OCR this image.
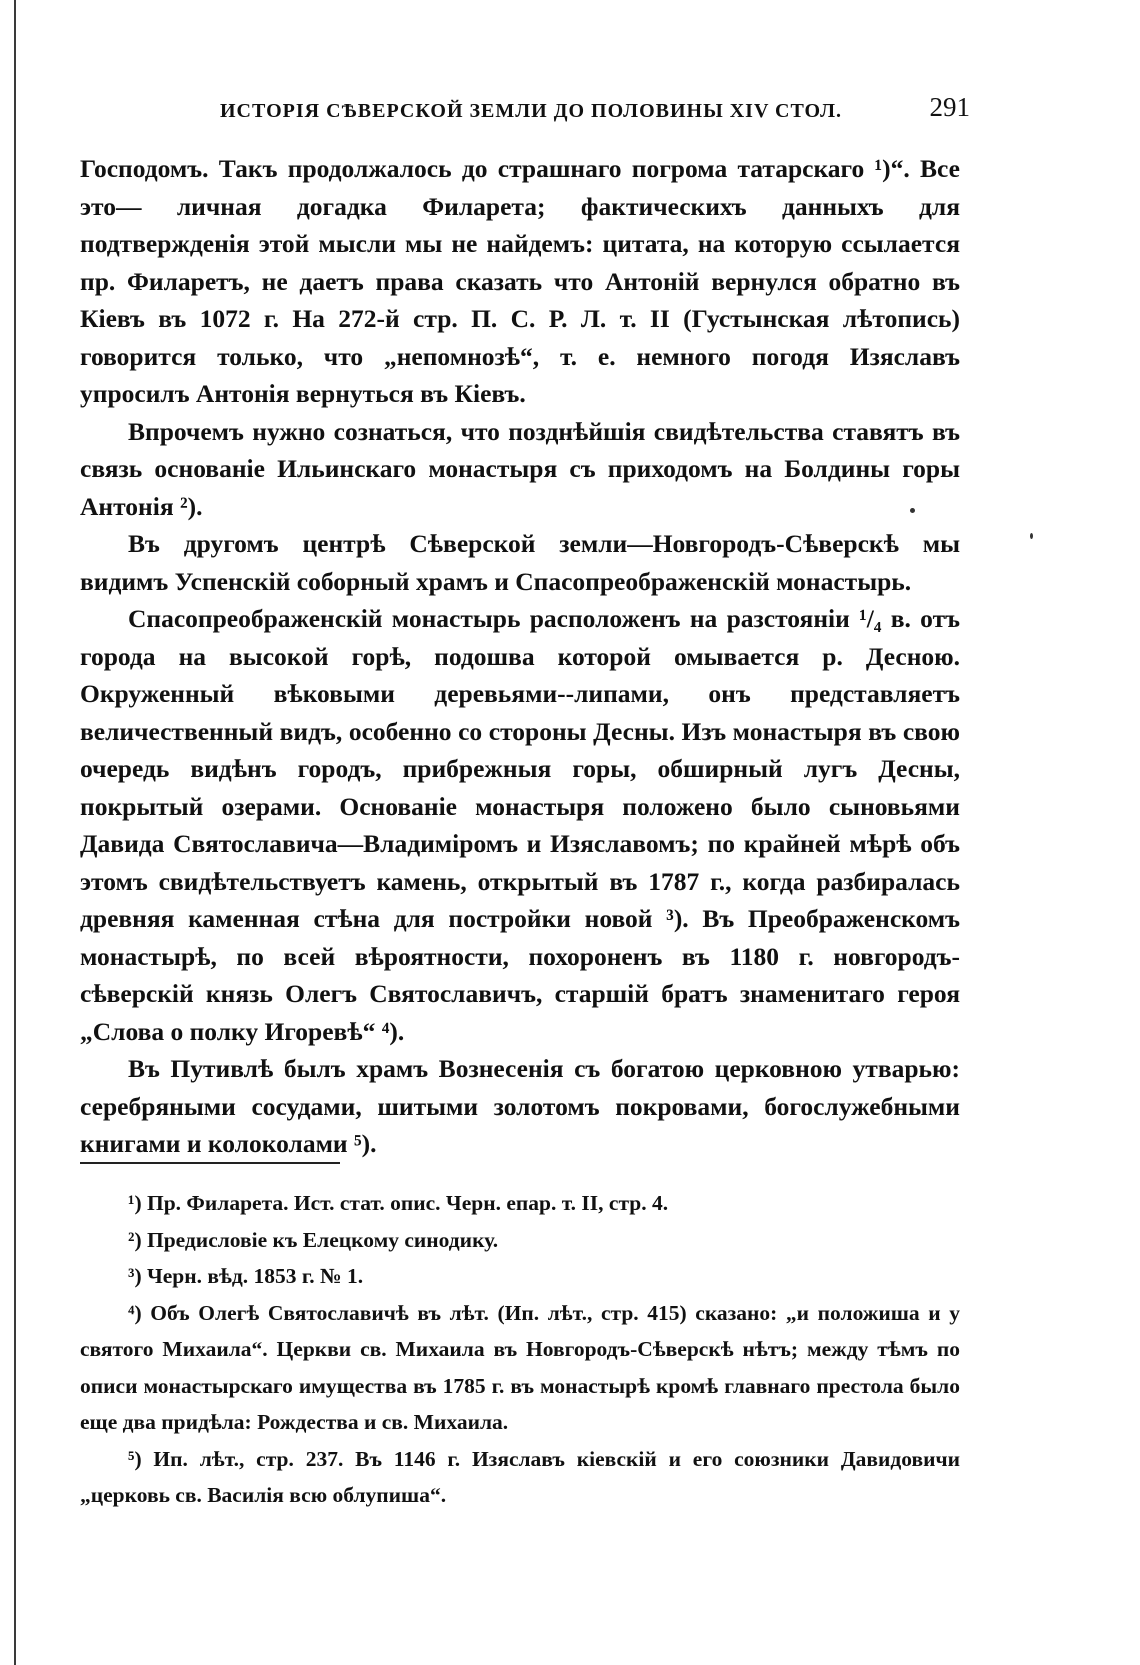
ИСТОРІЯ СѢВЕРСКОЙ ЗЕМЛИ ДО ПОЛОВИНЫ XIV СТОЛ.	291

Господомъ. Такъ продолжалось до страшнаго погрома татарскаго ¹)“. Все это— личная догадка Филарета; фактическихъ данныхъ для подтвержденія этой мысли мы не найдемъ: цитата, на которую ссылается пр. Филаретъ, не даетъ права сказать что Антоній вернулся обратно въ Кіевъ въ 1072 г. На 272-й стр. П. С. Р. Л. т. II (Густынская лѣтопись) говорится только, что „непомнозѣ“, т. е. немного погодя Изяславъ упросилъ Антонія вернуться въ Кіевъ.

Впрочемъ нужно сознаться, что позднѣйшія свидѣтельства ставятъ въ связь основаніе Ильинскаго монастыря съ приходомъ на Болдины горы Антонія ²).

Въ другомъ центрѣ Сѣверской земли—Новгородъ-Сѣверскѣ мы видимъ Успенскій соборный храмъ и Спасопреображенскій монастырь.

Спасопреображенскій монастырь расположенъ на разстояніи ¹/₄ в. отъ города на высокой горѣ, подошва которой омывается р. Десною. Окруженный вѣковыми деревьями--липами, онъ представляетъ величественный видъ, особенно со стороны Десны. Изъ монастыря въ свою очередь видѣнъ городъ, прибрежныя горы, обширный лугъ Десны, покрытый озерами. Основаніе монастыря положено было сыновьями Давида Святославича—Владиміромъ и Изяславомъ; по крайней мѣрѣ объ этомъ свидѣтельствуетъ камень, открытый въ 1787 г., когда разбиралась древняя каменная стѣна для постройки новой ³). Въ Преображенскомъ монастырѣ, по всей вѣроятности, похороненъ въ 1180 г. новгородъ-сѣверскій князь Олегъ Святославичъ, старшій братъ знаменитаго героя „Слова о полку Игоревѣ“ ⁴).

Въ Путивлѣ былъ храмъ Вознесенія съ богатою церковною утварью: серебряными сосудами, шитыми золотомъ покровами, богослужебными книгами и колоколами ⁵).

¹) Пр. Филарета. Ист. стат. опис. Черн. епар. т. II, стр. 4.

²) Предисловіе къ Елецкому синодику.

³) Черн. вѣд. 1853 г. № 1.

⁴) Объ Олегѣ Святославичѣ въ лѣт. (Ип. лѣт., стр. 415) сказано: „и положиша и у святого Михаила“. Церкви св. Михаила въ Новгородъ-Сѣверскѣ нѣтъ; между тѣмъ по описи монастырскаго имущества въ 1785 г. въ монастырѣ кромѣ главнаго престола было еще два придѣла: Рождества и св. Михаила.

⁵) Ип. лѣт., стр. 237. Въ 1146 г. Изяславъ кіевскій и его союзники Давидовичи „церковь св. Василія всю облупиша“.
